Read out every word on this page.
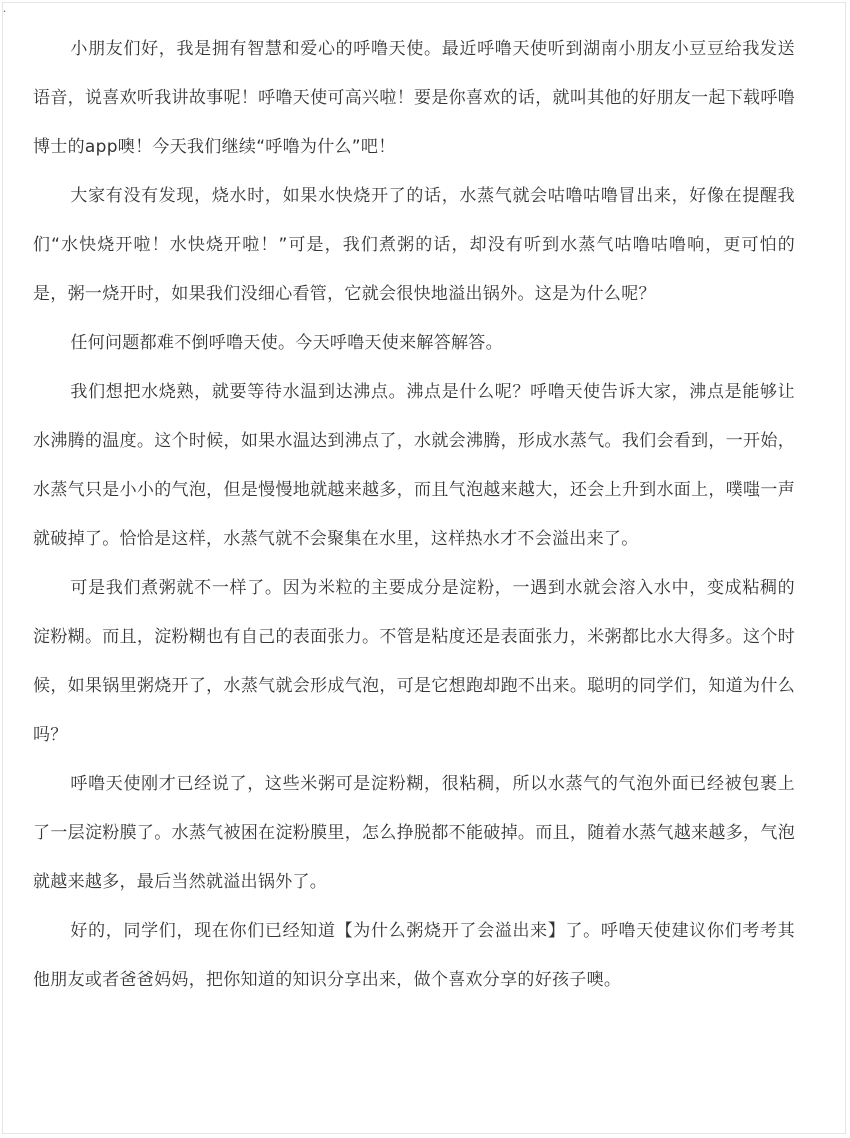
.

小朋友们好，我是拥有智慧和爱心的呼噜天使。最近呼噜天使听到湖南小朋友小豆豆给我发送语音，说喜欢听我讲故事呢！呼噜天使可高兴啦！要是你喜欢的话，就叫其他的好朋友一起下载呼噜博士的app噢！今天我们继续“呼噜为什么”吧！

大家有没有发现，烧水时，如果水快烧开了的话，水蒸气就会咕噜咕噜冒出来，好像在提醒我们“水快烧开啦！水快烧开啦！”可是，我们煮粥的话，却没有听到水蒸气咕噜咕噜响，更可怕的是，粥一烧开时，如果我们没细心看管，它就会很快地溢出锅外。这是为什么呢？

任何问题都难不倒呼噜天使。今天呼噜天使来解答解答。

我们想把水烧熟，就要等待水温到达沸点。沸点是什么呢？呼噜天使告诉大家，沸点是能够让水沸腾的温度。这个时候，如果水温达到沸点了，水就会沸腾，形成水蒸气。我们会看到，一开始，水蒸气只是小小的气泡，但是慢慢地就越来越多，而且气泡越来越大，还会上升到水面上，噗嗤一声就破掉了。恰恰是这样，水蒸气就不会聚集在水里，这样热水才不会溢出来了。

可是我们煮粥就不一样了。因为米粒的主要成分是淀粉，一遇到水就会溶入水中，变成粘稠的淀粉糊。而且，淀粉糊也有自己的表面张力。不管是粘度还是表面张力，米粥都比水大得多。这个时候，如果锅里粥烧开了，水蒸气就会形成气泡，可是它想跑却跑不出来。聪明的同学们，知道为什么吗？

呼噜天使刚才已经说了，这些米粥可是淀粉糊，很粘稠，所以水蒸气的气泡外面已经被包裹上了一层淀粉膜了。水蒸气被困在淀粉膜里，怎么挣脱都不能破掉。而且，随着水蒸气越来越多，气泡就越来越多，最后当然就溢出锅外了。

好的，同学们，现在你们已经知道【为什么粥烧开了会溢出来】了。呼噜天使建议你们考考其他朋友或者爸爸妈妈，把你知道的知识分享出来，做个喜欢分享的好孩子噢。
